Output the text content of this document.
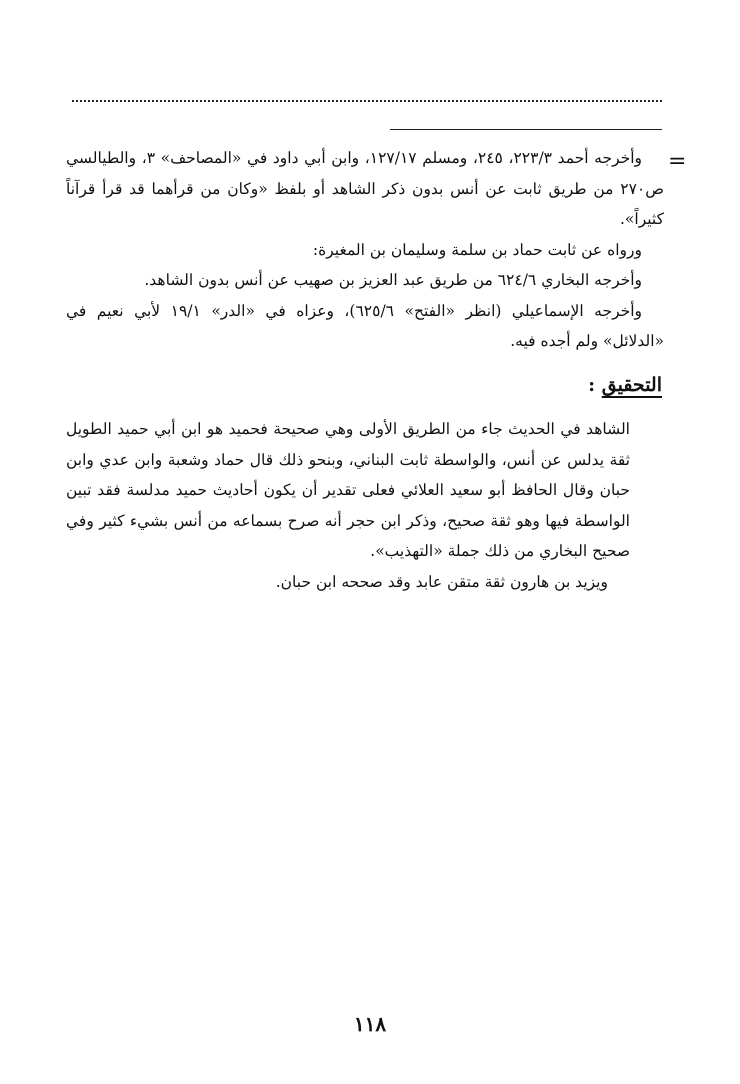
=

وأخرجه أحمد ٢٢٣/٣، ٢٤٥، ومسلم ١٢٧/١٧، وابن أبي داود في «المصاحف» ٣، والطيالسي ص٢٧٠ من طريق ثابت عن أنس بدون ذكر الشاهد أو بلفظ «وكان من قرأهما قد قرأ قرآناً كثيراً».

ورواه عن ثابت حماد بن سلمة وسليمان بن المغيرة:

وأخرجه البخاري ٦٢٤/٦ من طريق عبد العزيز بن صهيب عن أنس بدون الشاهد.

وأخرجه الإسماعيلي (انظر «الفتح» ٦٢٥/٦)، وعزاه في «الدر» ١٩/١ لأبي نعيم في «الدلائل» ولم أجده فيه.

التحقيق :

الشاهد في الحديث جاء من الطريق الأولى وهي صحيحة فحميد هو ابن أبي حميد الطويل ثقة يدلس عن أنس، والواسطة ثابت البناني، وبنحو ذلك قال حماد وشعبة وابن عدي وابن حبان وقال الحافظ أبو سعيد العلائي فعلى تقدير أن يكون أحاديث حميد مدلسة فقد تبين الواسطة فيها وهو ثقة صحيح، وذكر ابن حجر أنه صرح بسماعه من أنس بشيء كثير وفي صحيح البخاري من ذلك جملة «التهذيب».

ويزيد بن هارون ثقة متقن عابد وقد صححه ابن حبان.

١١٨
